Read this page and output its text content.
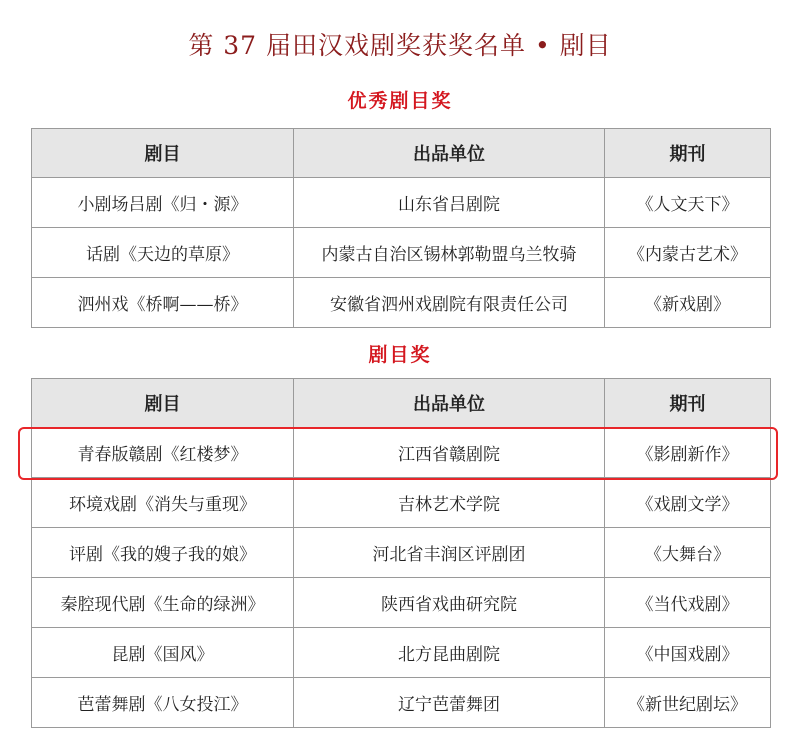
第 37 届田汉戏剧奖获奖名单 • 剧目
优秀剧目奖
剧目	出品单位	期刊
小剧场吕剧《归・源》	山东省吕剧院	《人文天下》
话剧《天边的草原》	内蒙古自治区锡林郭勒盟乌兰牧骑	《内蒙古艺术》
泗州戏《桥啊——桥》	安徽省泗州戏剧院有限责任公司	《新戏剧》
剧目奖
剧目	出品单位	期刊
青春版赣剧《红楼梦》	江西省赣剧院	《影剧新作》
环境戏剧《消失与重现》	吉林艺术学院	《戏剧文学》
评剧《我的嫂子我的娘》	河北省丰润区评剧团	《大舞台》
秦腔现代剧《生命的绿洲》	陕西省戏曲研究院	《当代戏剧》
昆剧《国风》	北方昆曲剧院	《中国戏剧》
芭蕾舞剧《八女投江》	辽宁芭蕾舞团	《新世纪剧坛》
